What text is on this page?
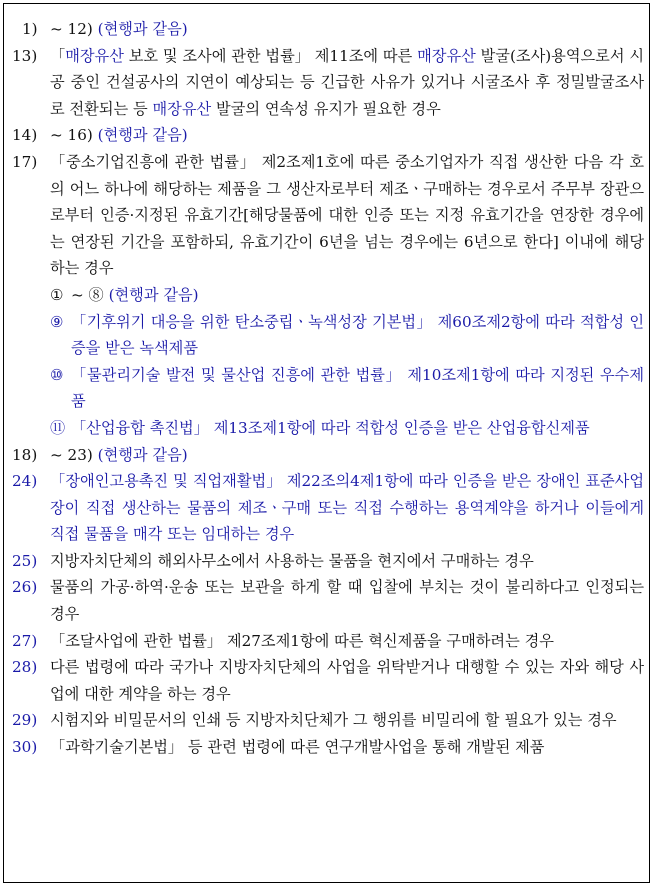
1) ~ 12) (현행과 같음)

13) 「매장유산 보호 및 조사에 관한 법률」 제11조에 따른 매장유산 발굴(조사)용역으로서 시공 중인 건설공사의 지연이 예상되는 등 긴급한 사유가 있거나 시굴조사 후 정밀발굴조사로 전환되는 등 매장유산 발굴의 연속성 유지가 필요한 경우

14) ~ 16) (현행과 같음)

17) 「중소기업진흥에 관한 법률」 제2조제1호에 따른 중소기업자가 직접 생산한 다음 각 호의 어느 하나에 해당하는 제품을 그 생산자로부터 제조ㆍ구매하는 경우로서 주무부 장관으로부터 인증·지정된 유효기간[해당물품에 대한 인증 또는 지정 유효기간을 연장한 경우에는 연장된 기간을 포함하되, 유효기간이 6년을 넘는 경우에는 6년으로 한다] 이내에 해당하는 경우

① ~ ⑧ (현행과 같음)

⑨ 「기후위기 대응을 위한 탄소중립ㆍ녹색성장 기본법」 제60조제2항에 따라 적합성 인증을 받은 녹색제품

⑩ 「물관리기술 발전 및 물산업 진흥에 관한 법률」 제10조제1항에 따라 지정된 우수제품

⑪ 「산업융합 촉진법」 제13조제1항에 따라 적합성 인증을 받은 산업융합신제품

18) ~ 23) (현행과 같음)

24) 「장애인고용촉진 및 직업재활법」 제22조의4제1항에 따라 인증을 받은 장애인 표준사업장이 직접 생산하는 물품의 제조ㆍ구매 또는 직접 수행하는 용역계약을 하거나 이들에게 직접 물품을 매각 또는 임대하는 경우

25) 지방자치단체의 해외사무소에서 사용하는 물품을 현지에서 구매하는 경우

26) 물품의 가공·하역·운송 또는 보관을 하게 할 때 입찰에 부치는 것이 불리하다고 인정되는 경우

27) 「조달사업에 관한 법률」 제27조제1항에 따른 혁신제품을 구매하려는 경우

28) 다른 법령에 따라 국가나 지방자치단체의 사업을 위탁받거나 대행할 수 있는 자와 해당 사업에 대한 계약을 하는 경우

29) 시험지와 비밀문서의 인쇄 등 지방자치단체가 그 행위를 비밀리에 할 필요가 있는 경우

30) 「과학기술기본법」 등 관련 법령에 따른 연구개발사업을 통해 개발된 제품
